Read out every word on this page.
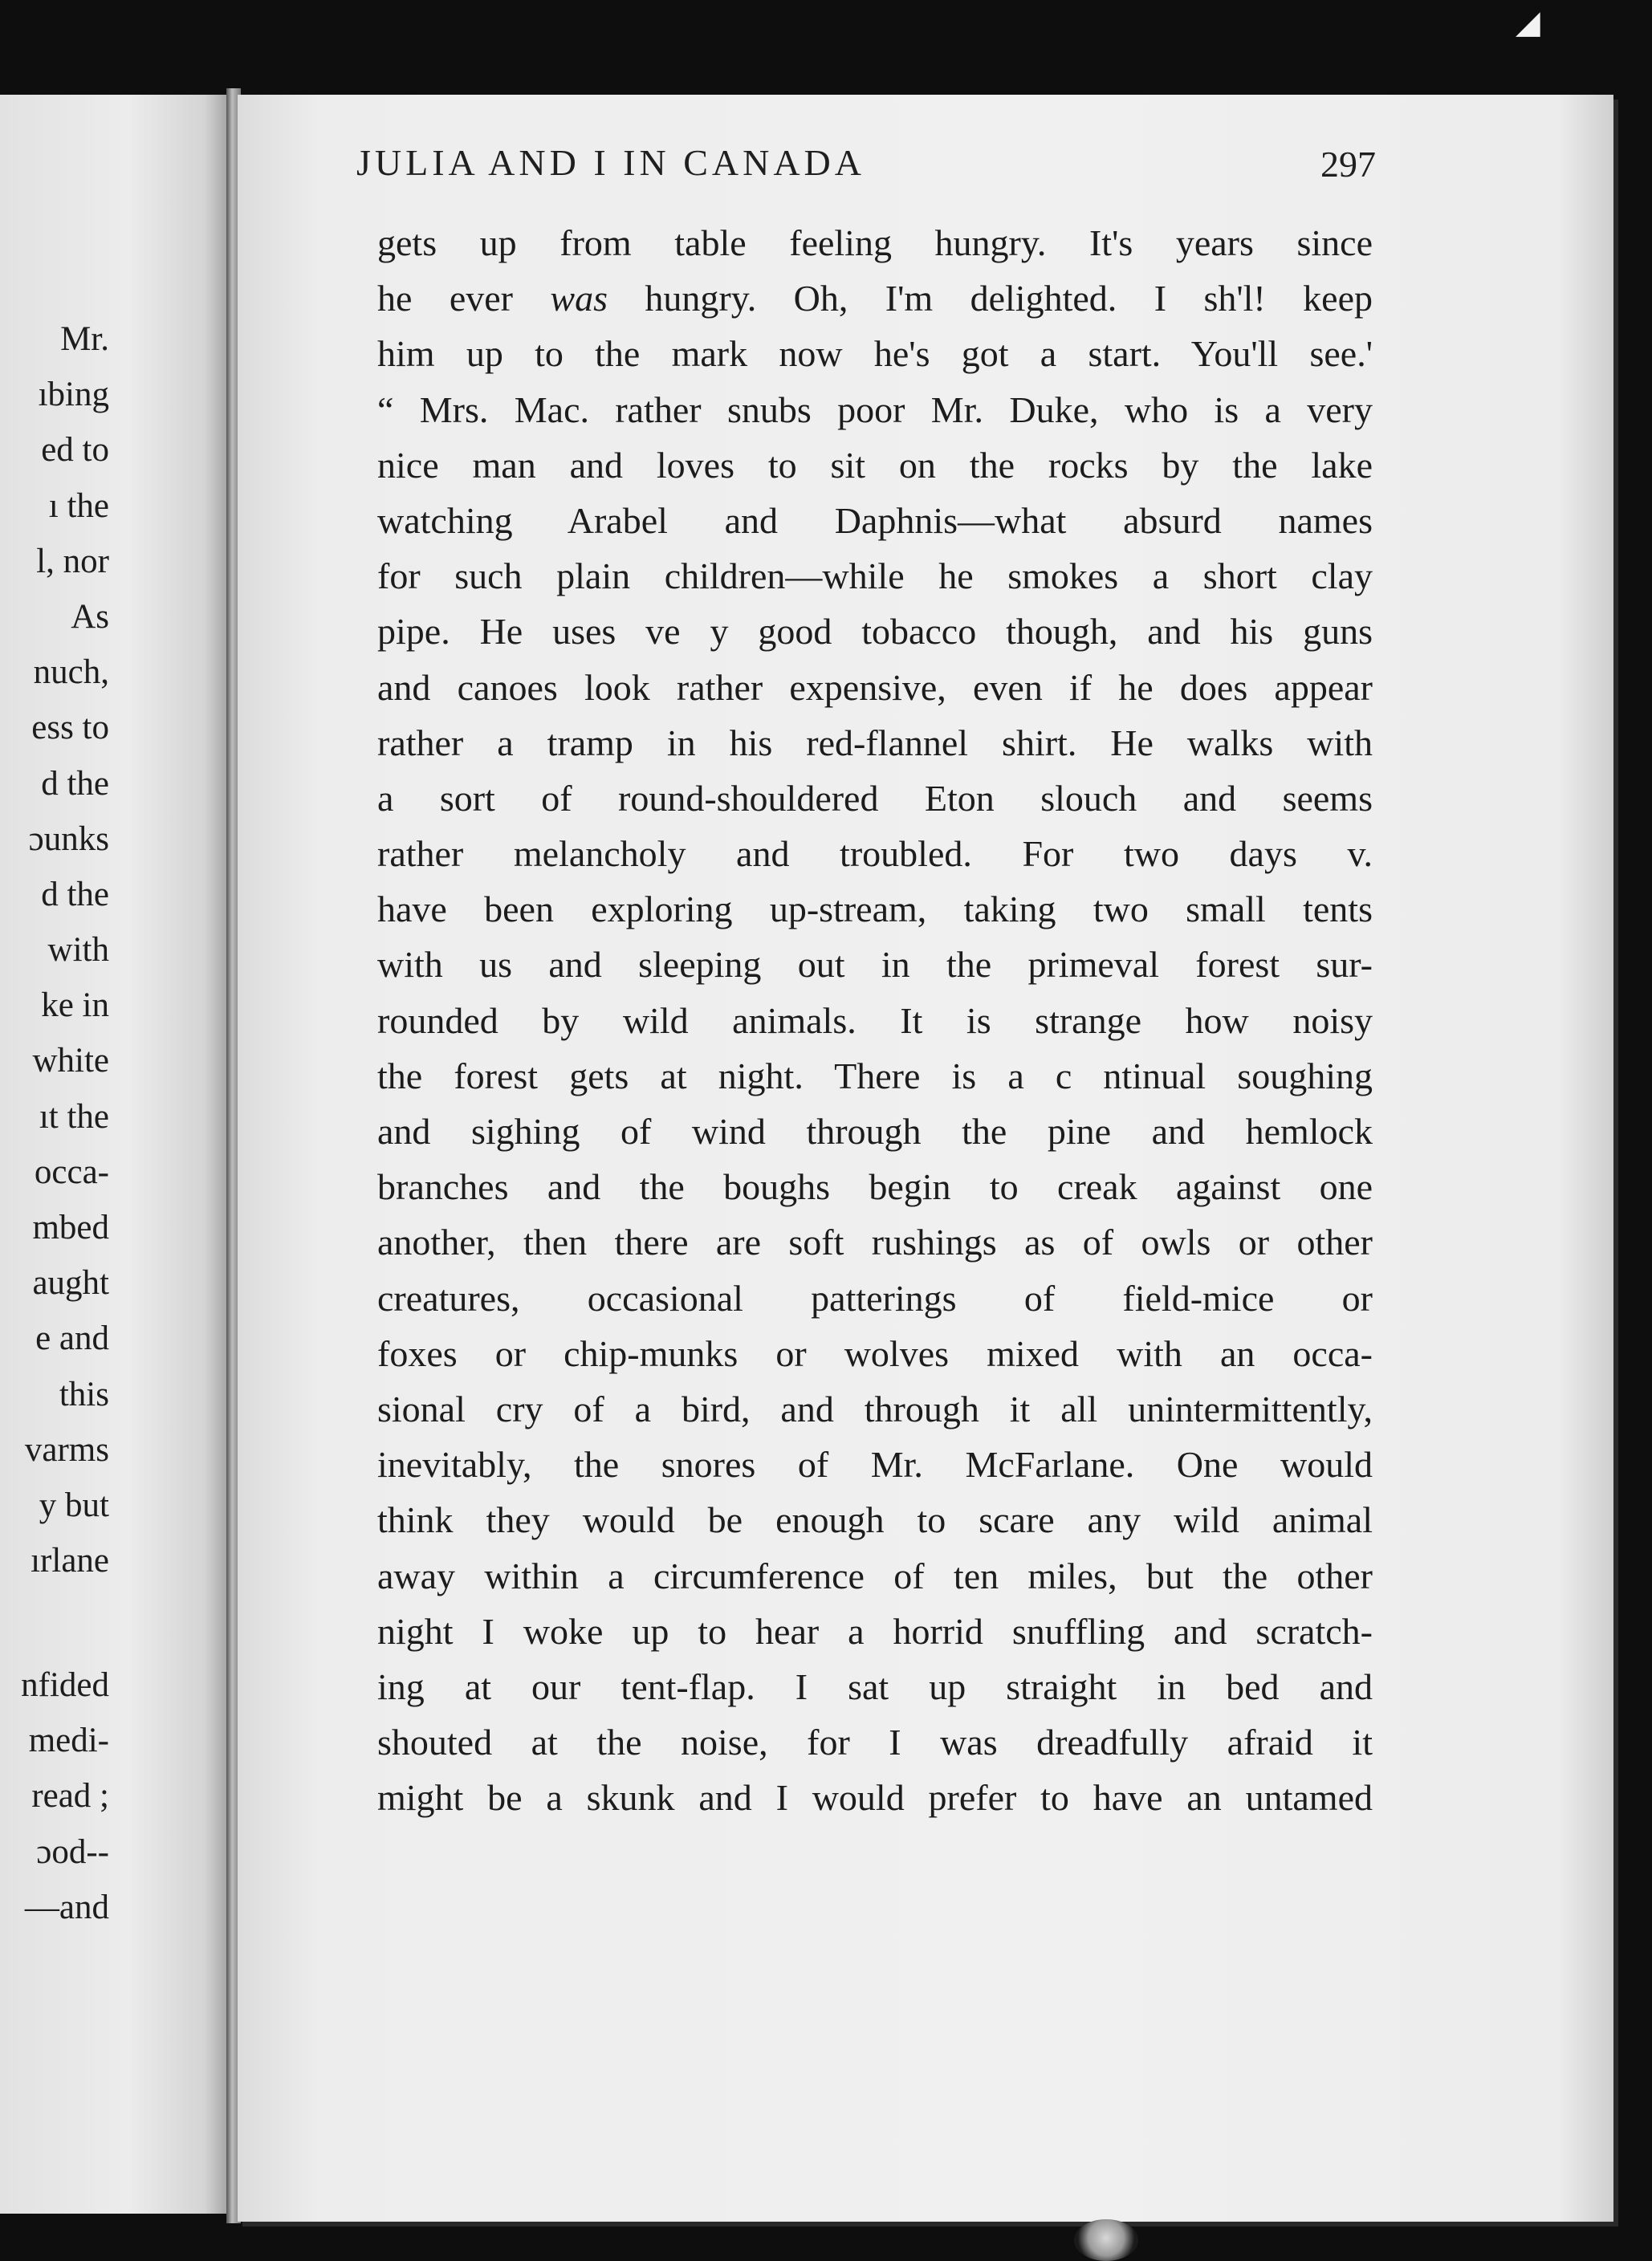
◢
Mr.
ıbing
ed to
ı the
l, nor
As
nuch,
ess to
d the
ɔunks
d the
with
ke in
white
ıt the
occa-
mbed
aught
e and
this
varms
y but
ırlane
nfided
medi-
read ;
ɔod--
—and
JULIA AND I IN CANADA	297
gets up from table feeling hungry. It's years since
he ever was hungry. Oh, I'm delighted. I sh'l! keep
him up to the mark now he's got a start. You'll see.'
“ Mrs. Mac. rather snubs poor Mr. Duke, who is a very
nice man and loves to sit on the rocks by the lake
watching Arabel and Daphnis—what absurd names
for such plain children—while he smokes a short clay
pipe. He uses ve y good tobacco though, and his guns
and canoes look rather expensive, even if he does appear
rather a tramp in his red-flannel shirt. He walks with
a sort of round-shouldered Eton slouch and seems
rather melancholy and troubled. For two days v.
have been exploring up-stream, taking two small tents
with us and sleeping out in the primeval forest sur-
rounded by wild animals. It is strange how noisy
the forest gets at night. There is a c ntinual soughing
and sighing of wind through the pine and hemlock
branches and the boughs begin to creak against one
another, then there are soft rushings as of owls or other
creatures, occasional patterings of field-mice or
foxes or chip-munks or wolves mixed with an occa-
sional cry of a bird, and through it all unintermittently,
inevitably, the snores of Mr. McFarlane. One would
think they would be enough to scare any wild animal
away within a circumference of ten miles, but the other
night I woke up to hear a horrid snuffling and scratch-
ing at our tent-flap. I sat up straight in bed and
shouted at the noise, for I was dreadfully afraid it
might be a skunk and I would prefer to have an untamed
